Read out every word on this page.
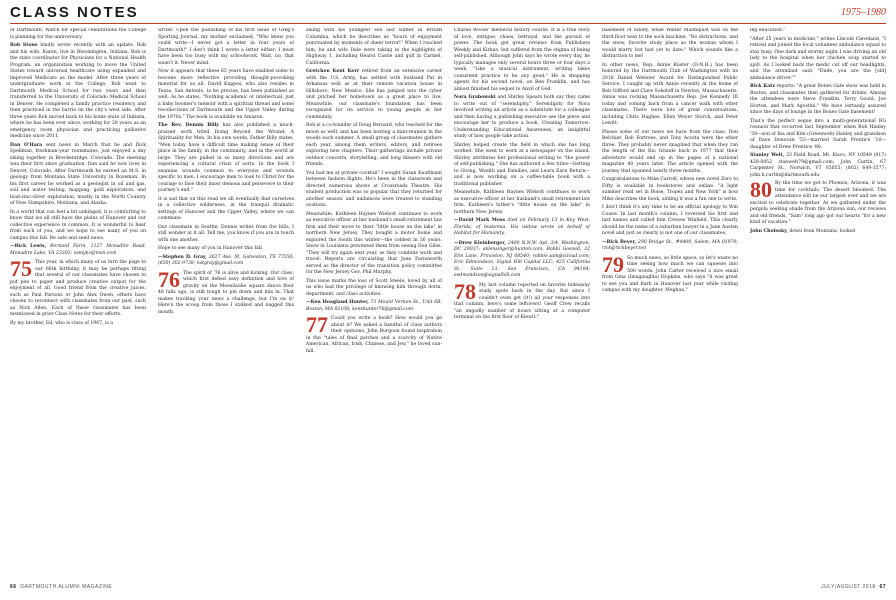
CLASS NOTES	1975–1980

of Dartmouth. Watch for special celebrations the College is planning for the anniversary.

Rob Stone kindly wrote recently with an update. Rob and his wife, Karen, live in Bloomington, Indiana. Rob is the state coordinator for Physicians for a National Health Program, an organization working to move the United States toward universal healthcare using expanded and improved Medicare as the model. After three years of undergraduate work at the College, Rob went to Dartmouth Medical School for two years and then transferred to the University of Colorado Medical School in Denver. He completed a family practice residency and then practiced in the barrio on the city's west side. After three years Rob moved back to his home state of Indiana, where he has been ever since, working for 28 years as an emergency room physician and practicing palliative medicine since 2011.

Dan O'Hara sent news in March that he and Dick Spellman, freshman-year roommates, just enjoyed a day skiing together in Breckenridge, Colorado. The meeting was their first since graduation. Dan said he now lives in Denver, Colorado. After Dartmouth he earned an M.S. in geology from Montana State University in Bozeman. In his first career he worked as a geologist in oil and gas, soil and water testing, mapping, gold exploration, and lead-zinc-silver exploration, mostly in the North Country of New Hampshire, Montana, and Alaska.

In a world that can feel a bit unhinged, it is comforting to know that we all still have the plains of Hanover and our collective experience in common. It is wonderful to hear from each of you, and we hope to see many of you on campus this fall. Be safe and send news.

—Rick Lewis, Bernard Farm, 1127 Monadire Road, Monadire Lake, VA 23302; osmykv@msn.com

75 This year, in which many of us turn the page to our 66th birthday, it may be perhaps fitting that several of our classmates have chosen to put pen to paper and produce creative output for the enjoyment of all. Good friend from the creative juices, such as Paul Parsons or John Alex Owen, others have chosen to reconnect with classmates from our past, such as Nick Allen. Each of these classmates has been mentioned in prior Class Notes for their efforts.

By my brother, Ed, who is class of 1967, is a

writer. Upon the publishing of his first issue of Greg's Sporting Journal, my mother exclaimed, "Who knew you could write—I never got a letter in four years of Dartmouth!" I don't think I wrote a letter either; I must have been too busy with my schoolwork. Wait, no, that wasn't it. Never mind.

Now it appears that these 65 years have enabled some to become more reflective providing thought-provoking material for us all. David Kappes, who also resides in Texas, San Antonio, to be precise, has been published as well. As he states, "Nothing academic or intellectual, just a baby boomer's memoir with a spiritual thread and some recollections of Dartmouth and the Upper Valley during the 1970s." The book is available on Amazon.

The Rev. Dennis Billy has also published a much-praised work titled Doing Beyond the Wound: A Spirituality for Men. In his own words, Father Billy states, "Men today have a difficult time making sense of their place in the family, in the community, and in the world at large. They are pulled in so many directions and are experiencing a cultural crisis of sorts. In the book I examine wounds common to everyone and wounds specific to men. I encourage men to look to Christ for the courage to face their inner demons and persevere to their journey's end."

It is sad that on this road we all eventually find ourselves in a collective wilderness, in the tranquil dramatic settings of Hanover and the Upper Valley, where we can commune.

Our classmate in Seattle, Dennis writes from the hills, I still wonder at it all. Tell me, you know if you are in touch with one another.

Hope to see many of you in Hanover this fall.

—Stephen D. Gray, 3627 Ave. M, Galveston, TX 77550; (650) 302-9738; hstgray@gmail.com

76 The spirit of '76 is alive and kicking. Our class, which first defied easy definition and love of gravity on the Moosilauke square dance floor 48 falls ago, is still tough to pin down and mix in. That makes tracking your news a challenge, but I'm on it! Here's the scoop from those I stalked and nagged this month.

skiing with his youngest son last winter in British Columbia, which he describes as "hours of enjoyment punctuated by moments of sheer terror!" When I reached him, he and wife Dale were taking in the highlights of Highway 1, including Hearst Castle and golf in Carmel, California.

Gretchen Kent Kerr retired from an extensive career with the U.S. Army, has settled with husband Pat in Arkansas well as at their remote vacation house in Hillsboro, New Mexico. She has jumped into the cyber and pitched her hometown as a great place to live. Meanwhile, our classmate's foundation has been recognized for its service to young people in her community.

Rob is a co-founder of Doug Bernard, who reached for the moon as well, and has been hosting a mini-reunion in the woods each summer. A small group of classmates gathers each year, among them writers, editors, and retirees exploring new chapters. Their gatherings include private outdoor concerts, storytelling, and long dinners with old friends.

You had me at private cocktail" I sought Susan Kaufmann between fashion flights. He's been in the classroom and directed numerous shows at Crossroads Theatre. His student production was so popular that they returned for another season, and audiences were treated to standing ovations.

Meanwhile, Kathleen Haynes Wiebolt continues to work as executive officer at her husband's small-retirement law firm and their move to their "little house on the lake" in northern New Jersey. They bought a motor home and explored the South this winter—the coldest in 30 years. Snow in Louisiana prevented them from seeing Don Giles. "They will try again next year, as they combine work and travel. Reports are circulating that Jane Farnsworth served as the director of the transition policy committee for the New Jersey Gov. Phil Murphy.

This issue marks the loss of Scott Steele, loved by all of us who had the privilege of knowing him through dorm, department, and class activities.

—Ken Hoagland Hunter, 73 Mount Vernon St., Unit 6B, Boston, MA 02108; kenshunter76@gmail.com

77 Could you write a book? How would you go about it? We asked a handful of class authors their opinions. John Burgoon found inspiration in the "tales of final patches and a scarcity of Native American, African, Irish, Chinese, and Jew," he loved sun-fall.

Charlie Woods' medieval history course. It is a true story of love, intrigue, chaos, betrayal, and the pursuit of power. The book got great reviews from Publishers Weekly and Kirkus, but suffered from the stigma of being self-published. Although John says he wrote every day, he typically manages only several hours three or four days a week. "Like a musical instrument, writing takes consistent practice to be any good." He is shopping agents for his second novel, on Ben Franklin, and has almost finished his sequel to Anvil of God.

Nora Grabowski and Shirley Spears both say they came to write out of "serendipity." Serendipity for Nora involved writing an article as a substitute for a colleague and then having a publishing executive see the piece and encourage her to produce a book, Creating Tomorrow: Understanding Educational Awareness, an insightful study of how people take action.

Shirley helped create the field in which she has long worked. She went to work at a newspaper on the island. Shirley attributes her professional writing to "the power of self-publishing." She has authored a few titles—Getting to Giving, Wealth and Families, and Learn Earn Return—and is now working on a coffee-table book with a traditional publisher.

Meanwhile, Kathleen Haynes Wiebolt continues to work as executive officer at her husband's small retirement-law firm. Kathleen's father's "little house on the lake" in northern New Jersey.

—David Mark Moss died on February 13 in Key West, Florida, of leukemia. His widow wrote on behalf of Habitat for Humanity.

—Drew Kleinberger, 2400 N.N.W. Apt. 3/4, Washington, DC 20037; aklensinger@hunton.com; Bobbi Gosnell, 32 Elm Lane, Princeton, NJ 08540; robbie.sam@icloud.com; Eric Edmondson, Signal Hill Capital LLC; 425 California St., Suite 13, San Francisco, CA 94104; eedmondson@signalhill.com

78 My last column reported on favorite hideaway study spots back in the day. But since I couldn't even get (it!) all your responses into that column, here's some leftovers! Geoff Crew recalls "an ungodly number of hours sitting at a computer terminal on the first floor of Kiewit."

basement of Sibley, while Walter Malmquist was on the third floor next to the sock machine. "No distractions, and the snow, favorite study place as the woman whom I would marry but had yet to date." Which sounds like a distraction to me!

In other news, Rep. Annie Kuster (D-N.H.) has been honored by the Dartmouth Club of Washington with its 2018 Daniel Webster Award for Distinguished Public Service. I caught up with Annie recently at the home of Bob Gifford and Clare Sokoloff in Newton, Massachusetts. Annie was rocking Massachusetts Rep. Joe Kennedy III today and coming back from a cancer walk with other classmates. There were lots of great conversations, including Chris Hughes, Ellen Weyer Storch, and Peter Lewitt.

Please some of our news we have from the class. Don Belchier, Bob Fortress, and Tony Acosta were the other three. They probably never imagined that when they ran the length of the Rio Grande back in 1977 that their adventure would end up in the pages of a national magazine 40 years later. The article opened with the journey that spanned nearly three months.

Congratulations to Mike Carroll, whose new novel Zero to Fifty is available in bookstores and online. "A light summer read set in Boise, Tropez and New York" is how Mike describes the book, adding it was a fun one to write.

I don't think it's any time to be an official apology to Win Coane. In last month's column, I reversed his first and last names and called him Crewes Winfield. This clearly should be the name of a suburban lawyer in a Jane Austen novel and just as clearly is not one of our classmates.

—Rick Beyer, 290 Bridge St., #4409, Salem, MA 01970; rick@rickbeyer.net

79 So much news, so little space; so let's waste no time seeing how much we can squeeze into 500 words. John Carter received a nice email from Gina (Imagaughla) Hopkins, who says "it was great to see you and Barb in Hanover last year while visiting campus with my daughter, Meghan."

ing education."

"After 25 years in medicine," writes Lincoln Cleveland, "I retired and joined the local volunteer ambulance squad to stay busy. One dark and stormy night I was driving an old lady to the hospital when her chicken soup started to spill. As I looked back the medic cut off our headlights, and the attendant said, "Dude, you are the [old] ambulance driver.""

Rick Katz reports: "A great Bones Gate show was held in Boston, and classmates then gathered for drinks. Among the attendees were Steve Franklin, Terry Gould, Joe Horton, and Mark Agostini." We have certainly assured since the days of lounge in the Bones Gate basement!

That's the perfect segue into a multi-generational BG reunion that occurred last September when Rob Hanley '38—son of Ina and Kim (Greenwell) Hanley and grandson of Dave Donovan '53—married Sarah Prentice '10—daughter of Drew Prentice '80.

Stanley Welt, 23 Field Road, Mt. Kisco, NY 10549 (917) 428-0852 stanwelt79@gmail.com; John Curtin, 67 Carpenter St., Norwich, VT 05055; (802) 649-1577; john.h.curtin@dartmouth.edu

80 By the time we got to Phoenix, Arizona, it was time for cocktails. The desert bloomed. The attendance will be our largest ever and we are excited to celebrate together. As we gathered under the pergola seeking shade from the Arizona sun, our reviews and old friends, "Sam" long ago got our hearts "for a new kind of vacation."

John Cholosky, down from Montana, looked

66 DARTMOUTH ALUMNI MAGAZINE	JULY/AUGUST 2018 67
